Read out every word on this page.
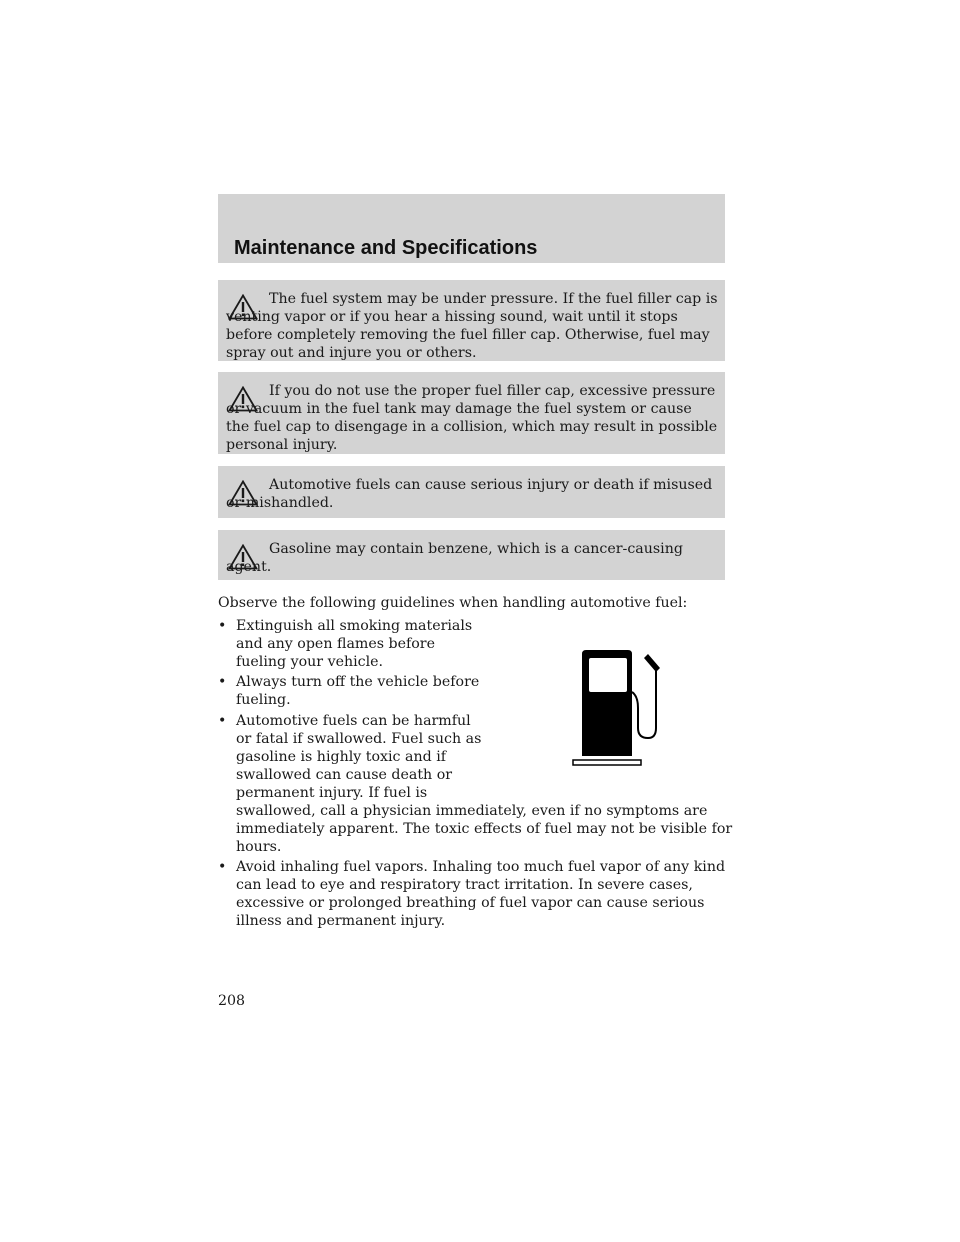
Maintenance and Specifications
The fuel system may be under pressure. If the fuel filler cap is venting vapor or if you hear a hissing sound, wait until it stops before completely removing the fuel filler cap. Otherwise, fuel may spray out and injure you or others.
If you do not use the proper fuel filler cap, excessive pressure or vacuum in the fuel tank may damage the fuel system or cause the fuel cap to disengage in a collision, which may result in possible personal injury.
Automotive fuels can cause serious injury or death if misused or mishandled.
Gasoline may contain benzene, which is a cancer-causing agent.
Observe the following guidelines when handling automotive fuel:
• Extinguish all smoking materials
and any open flames before
fueling your vehicle.
• Always turn off the vehicle before
fueling.
• Automotive fuels can be harmful
or fatal if swallowed. Fuel such as
gasoline is highly toxic and if
swallowed can cause death or
permanent injury. If fuel is
swallowed, call a physician immediately, even if no symptoms are
immediately apparent. The toxic effects of fuel may not be visible for
hours.
• Avoid inhaling fuel vapors. Inhaling too much fuel vapor of any kind
can lead to eye and respiratory tract irritation. In severe cases,
excessive or prolonged breathing of fuel vapor can cause serious
illness and permanent injury.
208
